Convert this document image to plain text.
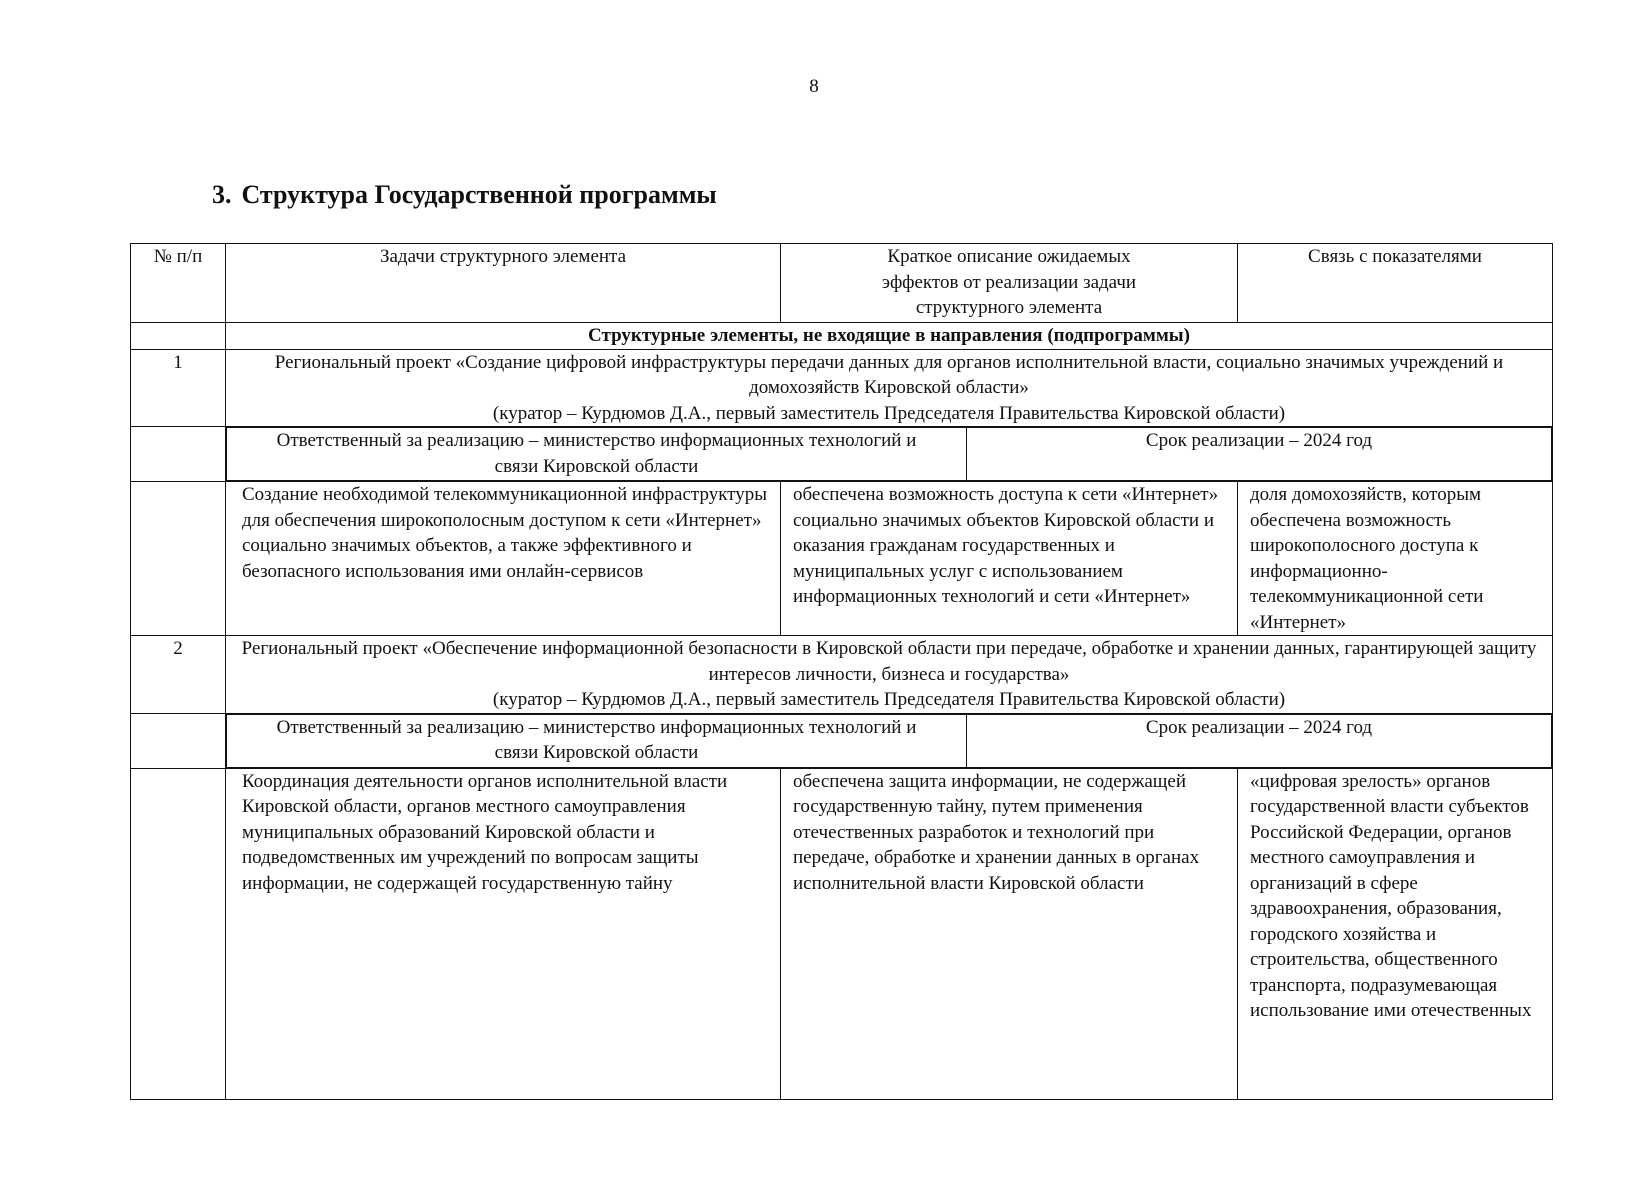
8
3. Структура Государственной программы
№ п/п	Задачи структурного элемента	Краткое описание ожидаемых эффектов от реализации задачи структурного элемента	Связь с показателями
	Структурные элементы, не входящие в направления (подпрограммы)
1	Региональный проект «Создание цифровой инфраструктуры передачи данных для органов исполнительной власти, социально значимых учреждений и домохозяйств Кировской области»
(куратор – Курдюмов Д.А., первый заместитель Председателя Правительства Кировской области)

Ответственный за реализацию – министерство информационных технологий и связи Кировской области	Срок реализации – 2024 год

	Создание необходимой телекоммуникационной инфраструктуры для обеспечения широкополосным доступом к сети «Интернет» социально значимых объектов, а также эффективного и безопасного использования ими онлайн-сервисов	обеспечена возможность доступа к сети «Интернет» социально значимых объектов Кировской области и оказания гражданам государственных и муниципальных услуг с использованием информационных технологий и сети «Интернет»	доля домохозяйств, которым обеспечена возможность широкополосного доступа к информационно-телекоммуникационной сети «Интернет»
2	Региональный проект «Обеспечение информационной безопасности в Кировской области при передаче, обработке и хранении данных, гарантирующей защиту интересов личности, бизнеса и государства»
(куратор – Курдюмов Д.А., первый заместитель Председателя Правительства Кировской области)

Ответственный за реализацию – министерство информационных технологий и связи Кировской области	Срок реализации – 2024 год

	Координация деятельности органов исполнительной власти Кировской области, органов местного самоуправления муниципальных образований Кировской области и подведомственных им учреждений по вопросам защиты информации, не содержащей государственную тайну	обеспечена защита информации, не содержащей государственную тайну, путем применения отечественных разработок и технологий при передаче, обработке и хранении данных в органах исполнительной власти Кировской области	«цифровая зрелость» органов государственной власти субъектов Российской Федерации, органов местного самоуправления и организаций в сфере здравоохранения, образования, городского хозяйства и строительства, общественного транспорта, подразумевающая использование ими отечественных
